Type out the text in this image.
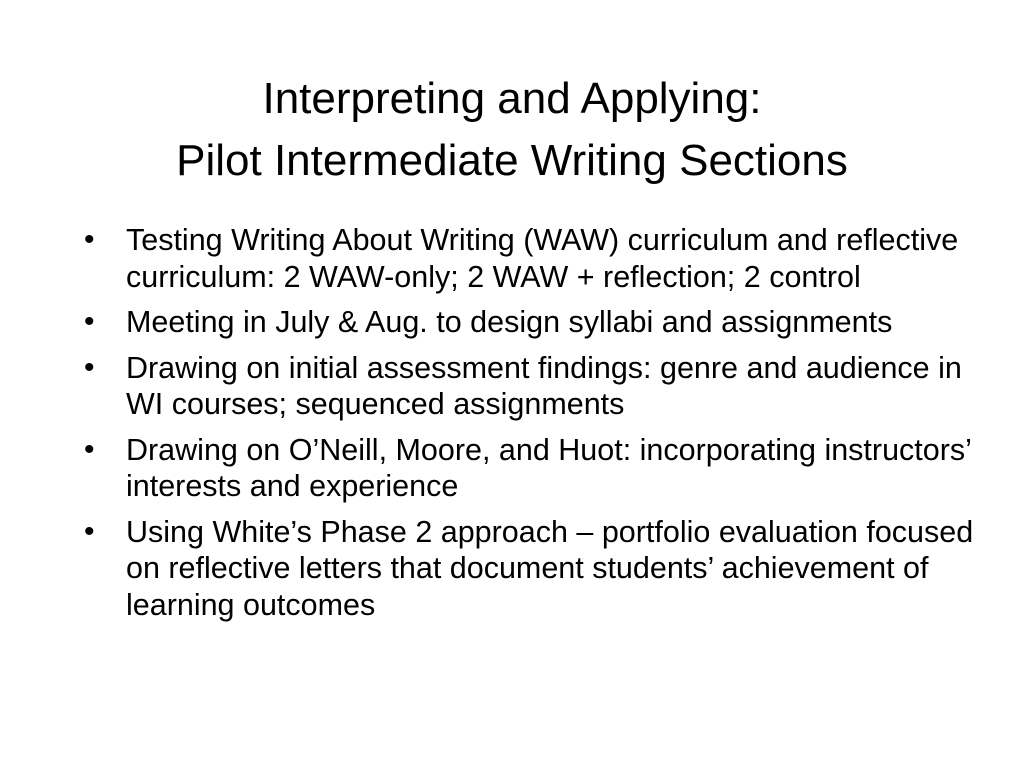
Interpreting and Applying:
Pilot Intermediate Writing Sections
•	Testing Writing About Writing (WAW) curriculum and reflective curriculum: 2 WAW-only; 2 WAW + reflection; 2 control
•	Meeting in July & Aug. to design syllabi and assignments
•	Drawing on initial assessment findings: genre and audience in WI courses; sequenced assignments
•	Drawing on O’Neill, Moore, and Huot: incorporating instructors’ interests and experience
•	Using White’s Phase 2 approach – portfolio evaluation focused on reflective letters that document students’ achievement of learning outcomes
